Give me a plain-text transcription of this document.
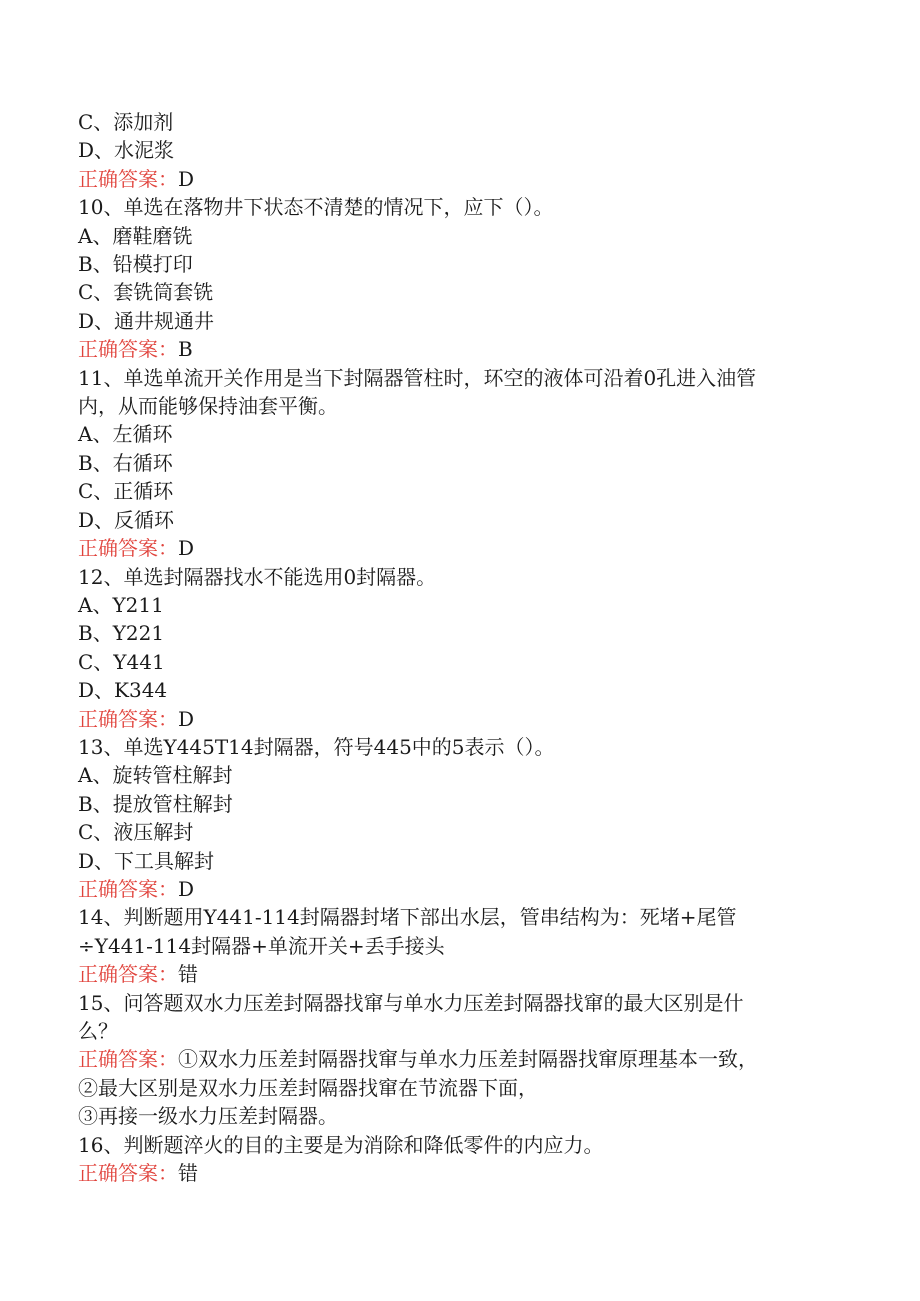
C、添加剂
D、水泥浆
正确答案：D
10、单选在落物井下状态不清楚的情况下，应下（）。
A、磨鞋磨铣
B、铅模打印
C、套铣筒套铣
D、通井规通井
正确答案：B
11、单选单流开关作用是当下封隔器管柱时，环空的液体可沿着0孔进入油管
内，从而能够保持油套平衡。
A、左循环
B、右循环
C、正循环
D、反循环
正确答案：D
12、单选封隔器找水不能选用0封隔器。
A、Y211
B、Y221
C、Y441
D、K344
正确答案：D
13、单选Y445T14封隔器，符号445中的5表示（）。
A、旋转管柱解封
B、提放管柱解封
C、液压解封
D、下工具解封
正确答案：D
14、判断题用Y441-114封隔器封堵下部出水层，管串结构为：死堵+尾管
÷Y441-114封隔器+单流开关+丢手接头
正确答案：错
15、问答题双水力压差封隔器找窜与单水力压差封隔器找窜的最大区别是什
么？
正确答案：①双水力压差封隔器找窜与单水力压差封隔器找窜原理基本一致，
②最大区别是双水力压差封隔器找窜在节流器下面，
③再接一级水力压差封隔器。
16、判断题淬火的目的主要是为消除和降低零件的内应力。
正确答案：错
